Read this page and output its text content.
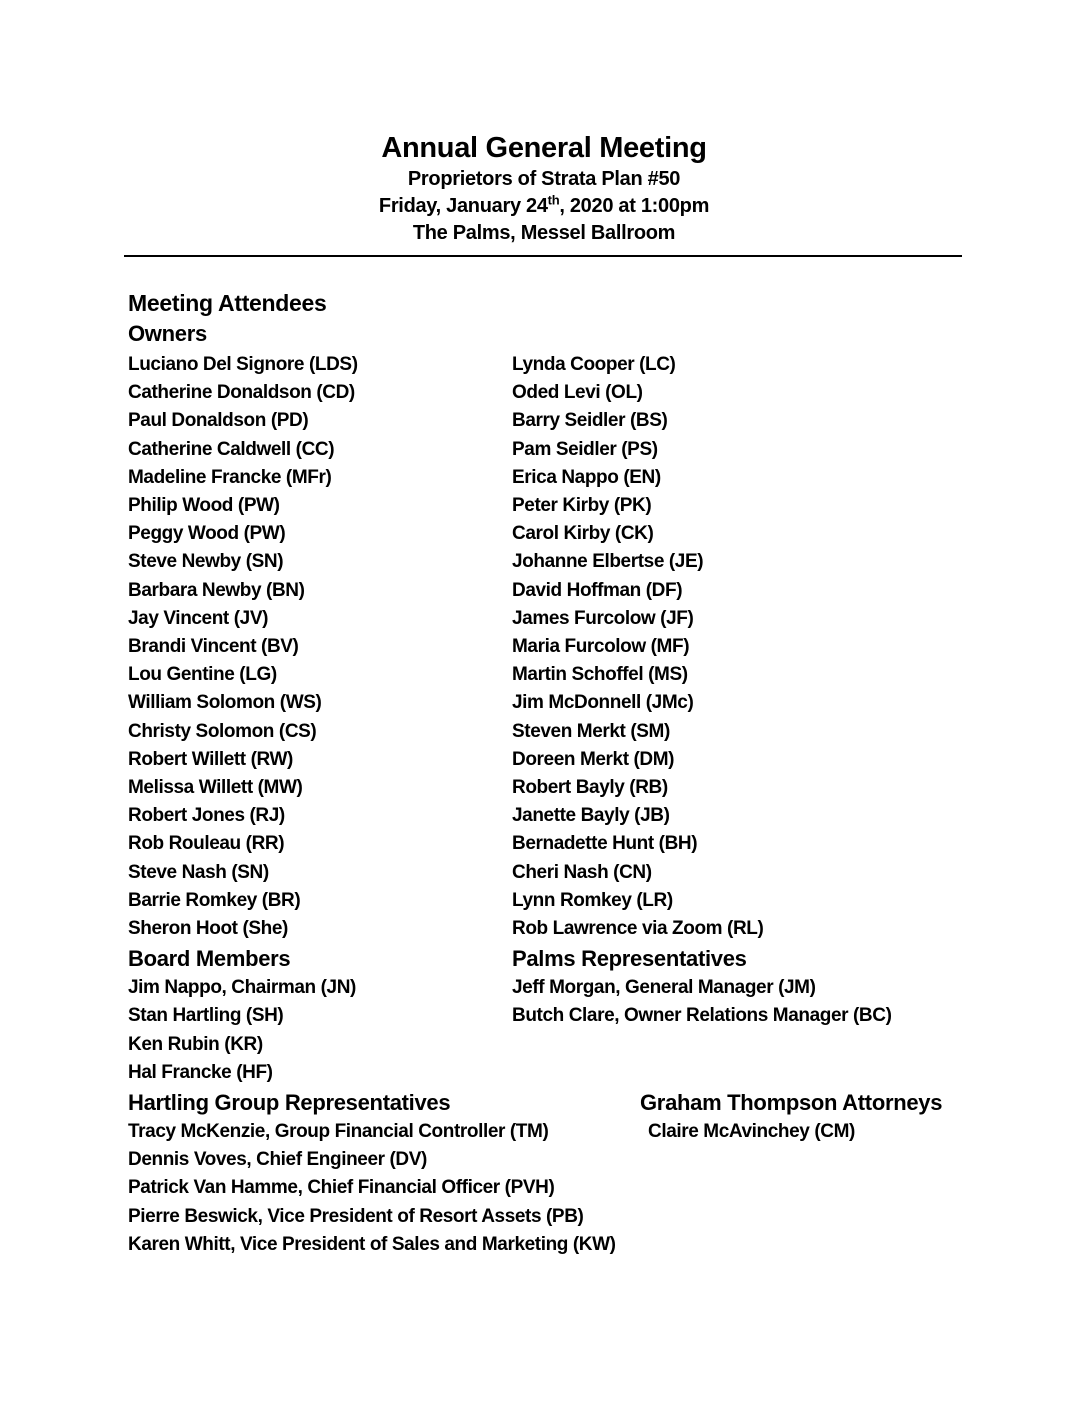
Annual General Meeting
Proprietors of Strata Plan #50
Friday, January 24th, 2020 at 1:00pm
The Palms, Messel Ballroom
Meeting Attendees
Owners
Luciano Del Signore (LDS)
Catherine Donaldson (CD)
Paul Donaldson (PD)
Catherine Caldwell (CC)
Madeline Francke (MFr)
Philip Wood (PW)
Peggy Wood (PW)
Steve Newby (SN)
Barbara Newby (BN)
Jay Vincent (JV)
Brandi Vincent (BV)
Lou Gentine (LG)
William Solomon (WS)
Christy Solomon (CS)
Robert Willett (RW)
Melissa Willett (MW)
Robert Jones (RJ)
Rob Rouleau (RR)
Steve Nash (SN)
Barrie Romkey (BR)
Sheron Hoot (She)
Lynda Cooper (LC)
Oded Levi (OL)
Barry Seidler (BS)
Pam Seidler (PS)
Erica Nappo (EN)
Peter Kirby (PK)
Carol Kirby (CK)
Johanne Elbertse (JE)
David Hoffman (DF)
James Furcolow (JF)
Maria Furcolow (MF)
Martin Schoffel (MS)
Jim McDonnell (JMc)
Steven Merkt (SM)
Doreen Merkt (DM)
Robert Bayly (RB)
Janette Bayly (JB)
Bernadette Hunt (BH)
Cheri Nash (CN)
Lynn Romkey (LR)
Rob Lawrence via Zoom (RL)
Board Members
Jim Nappo, Chairman (JN)
Stan Hartling (SH)
Ken Rubin (KR)
Hal Francke (HF)
Palms Representatives
Jeff Morgan, General Manager (JM)
Butch Clare, Owner Relations Manager (BC)
Hartling Group Representatives
Tracy McKenzie, Group Financial Controller (TM)
Dennis Voves, Chief Engineer (DV)
Patrick Van Hamme, Chief Financial Officer (PVH)
Pierre Beswick, Vice President of Resort Assets (PB)
Karen Whitt, Vice President of Sales and Marketing (KW)
Graham Thompson Attorneys
Claire McAvinchey (CM)
